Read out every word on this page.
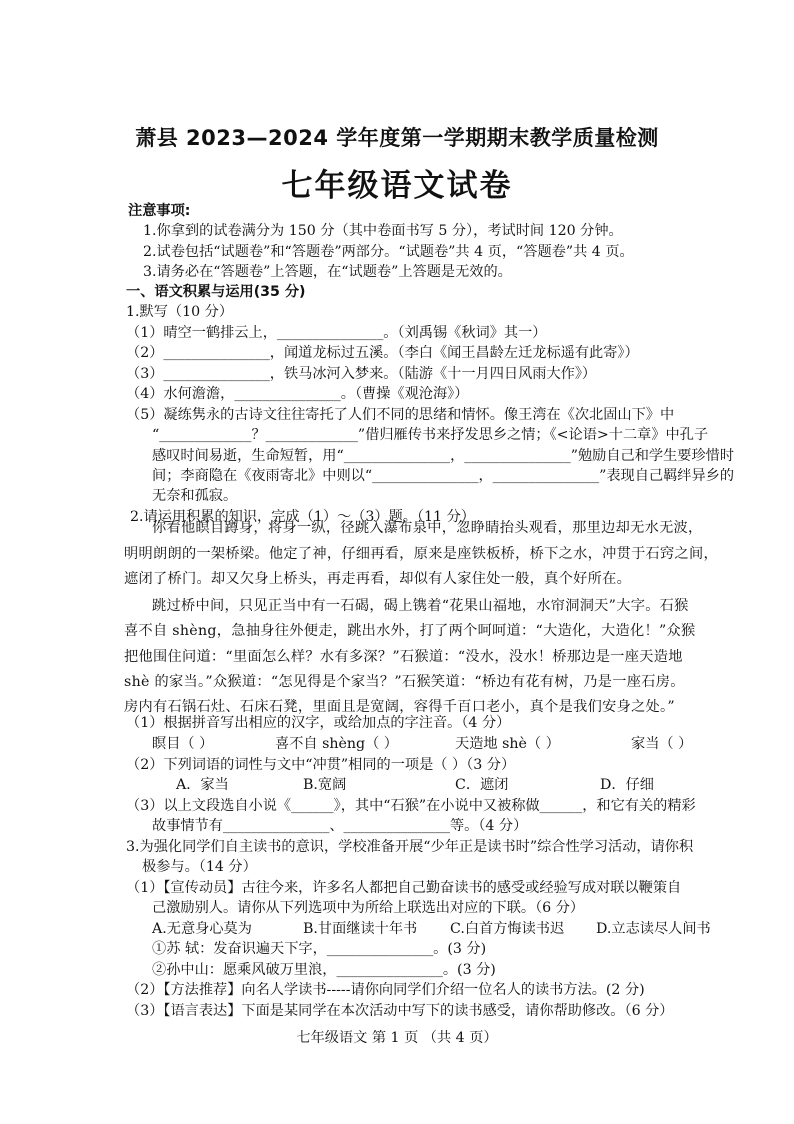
萧县 2023—2024 学年度第一学期期末教学质量检测
七年级语文试卷
注意事项:
1.你拿到的试卷满分为 150 分（其中卷面书写 5 分），考试时间 120 分钟。
2.试卷包括“试题卷”和“答题卷”两部分。“试题卷”共 4 页，“答题卷”共 4 页。
3.请务必在“答题卷”上答题，在“试题卷”上答题是无效的。
一、语文积累与运用(35 分)
1.默写（10 分）
（1）晴空一鹤排云上，_______________。（刘禹锡《秋词》其一）
（2）_______________，闻道龙标过五溪。（李白《闻王昌龄左迁龙标遥有此寄》）
（3）_______________，铁马冰河入梦来。（陆游《十一月四日风雨大作》）
（4）水何澹澹，_______________。（曹操《观沧海》）
（5）凝练隽永的古诗文往往寄托了人们不同的思绪和情怀。像王湾在《次北固山下》中
“_____________？_____________”借归雁传书来抒发思乡之情；《<论语>十二章》中孔子
感叹时间易逝，生命短暂，用“_______________，_______________”勉励自己和学生要珍惜时
间；李商隐在《夜雨寄北》中则以“_______________，_______________”表现自己羁绊异乡的
无奈和孤寂。
2.请运用积累的知识，完成（1）～（3）题。（11 分）
你看他瞑目蹲身，将身一纵，径跳入瀑布泉中，忽睁睛抬头观看，那里边却无水无波，
明明朗朗的一架桥梁。他定了神，仔细再看，原来是座铁板桥，桥下之水，冲贯于石窍之间，
遮闭了桥门。却又欠身上桥头，再走再看，却似有人家住处一般，真个好所在。
跳过桥中间，只见正当中有一石碣，碣上镌着“花果山福地，水帘洞洞天”大字。石猴
喜不自 shèng，急抽身往外便走，跳出水外，打了两个呵呵道：“大造化，大造化！”众猴
把他围住问道：“里面怎么样？水有多深？”石猴道：“没水，没水！桥那边是一座天造地
shè 的家当。”众猴道：“怎见得是个家当？”石猴笑道：“桥边有花有树，乃是一座石房。
房内有石锅石灶、石床石凳，里面且是宽阔，容得千百口老小，真个是我们安身之处。”
（1）根据拼音写出相应的汉字，或给加点的字注音。（4 分）
瞑目（ ）	喜不自 shèng（ ）	天造地 shè（ ）	家当（ ）
（2）下列词语的词性与文中“冲贯”相同的一项是（ ）（3 分）
A．家当	B.宽阔	C．遮闭	D．仔细
（3）以上文段选自小说《______》，其中“石猴”在小说中又被称做______，和它有关的精彩
故事情节有_______________、_______________等。（4 分）
3.为强化同学们自主读书的意识，学校准备开展“少年正是读书时”综合性学习活动，请你积
极参与。（14 分）
（1）【宣传动员】古往今来，许多名人都把自己勤奋读书的感受或经验写成对联以鞭策自
己激励别人。请你从下列选项中为所给上联选出对应的下联。（6 分）
A.无意身心莫为	B.甘面继读十年书 C.白首方悔读书迟 D.立志读尽人间书
①苏 轼：发奋识遍天下字，_______________。(3 分)
②孙中山：愿乘风破万里浪，_______________。(3 分)
（2）【方法推荐】向名人学读书-----请你向同学们介绍一位名人的读书方法。(2 分)
（3）【语言表达】下面是某同学在本次活动中写下的读书感受，请你帮助修改。（6 分）
七年级语文 第 1 页 （共 4 页）
